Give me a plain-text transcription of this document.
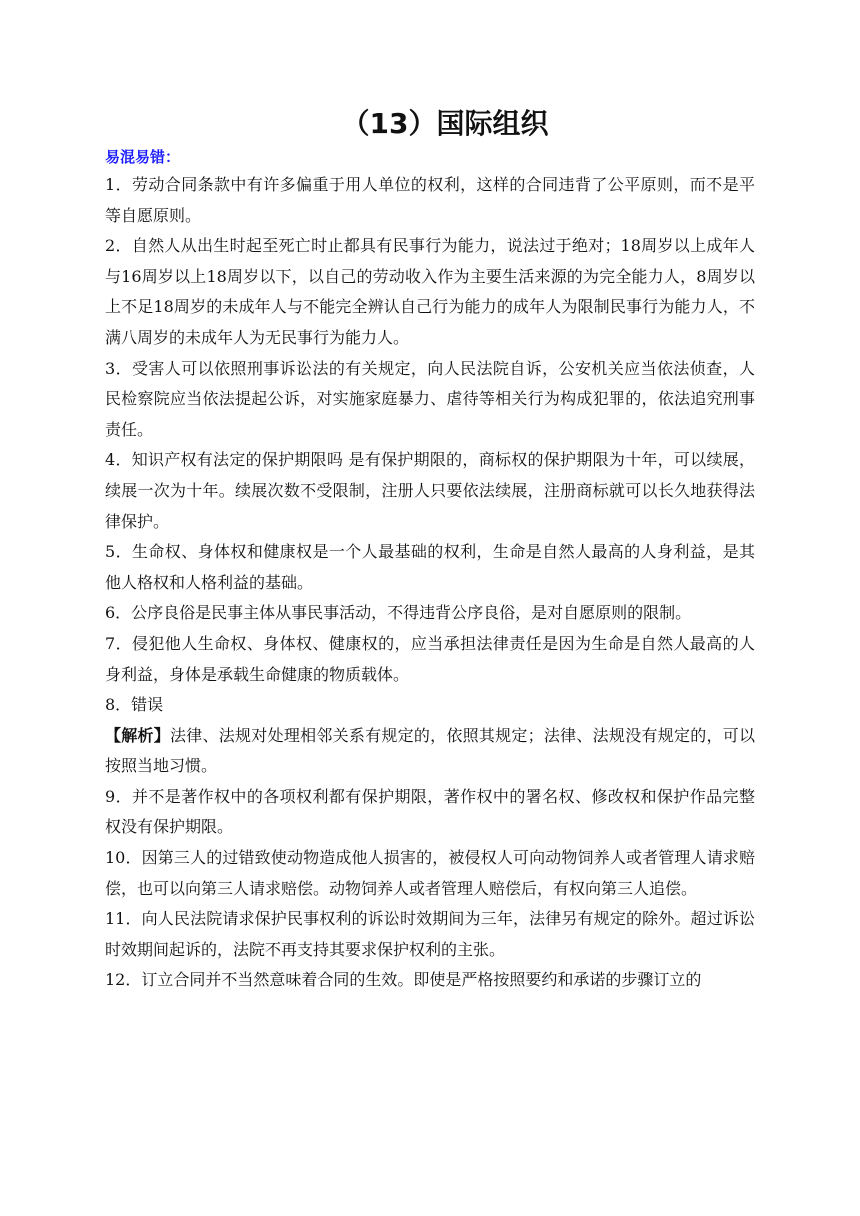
（13）国际组织

易混易错：

1．劳动合同条款中有许多偏重于用人单位的权利，这样的合同违背了公平原则，而不是平等自愿原则。

2．自然人从出生时起至死亡时止都具有民事行为能力，说法过于绝对；18周岁以上成年人与16周岁以上18周岁以下，以自己的劳动收入作为主要生活来源的为完全能力人，8周岁以上不足18周岁的未成年人与不能完全辨认自己行为能力的成年人为限制民事行为能力人，不满八周岁的未成年人为无民事行为能力人。

3．受害人可以依照刑事诉讼法的有关规定，向人民法院自诉，公安机关应当依法侦查，人民检察院应当依法提起公诉，对实施家庭暴力、虐待等相关行为构成犯罪的，依法追究刑事责任。

4．知识产权有法定的保护期限吗 是有保护期限的，商标权的保护期限为十年，可以续展，续展一次为十年。续展次数不受限制，注册人只要依法续展，注册商标就可以长久地获得法律保护。

5．生命权、身体权和健康权是一个人最基础的权利，生命是自然人最高的人身利益，是其他人格权和人格利益的基础。

6．公序良俗是民事主体从事民事活动，不得违背公序良俗，是对自愿原则的限制。

7．侵犯他人生命权、身体权、健康权的，应当承担法律责任是因为生命是自然人最高的人身利益，身体是承载生命健康的物质载体。

8．错误

【解析】法律、法规对处理相邻关系有规定的，依照其规定；法律、法规没有规定的，可以按照当地习惯。

9．并不是著作权中的各项权利都有保护期限，著作权中的署名权、修改权和保护作品完整权没有保护期限。

10．因第三人的过错致使动物造成他人损害的，被侵权人可向动物饲养人或者管理人请求赔偿，也可以向第三人请求赔偿。动物饲养人或者管理人赔偿后，有权向第三人追偿。

11．向人民法院请求保护民事权利的诉讼时效期间为三年，法律另有规定的除外。超过诉讼时效期间起诉的，法院不再支持其要求保护权利的主张。

12．订立合同并不当然意味着合同的生效。即使是严格按照要约和承诺的步骤订立的
